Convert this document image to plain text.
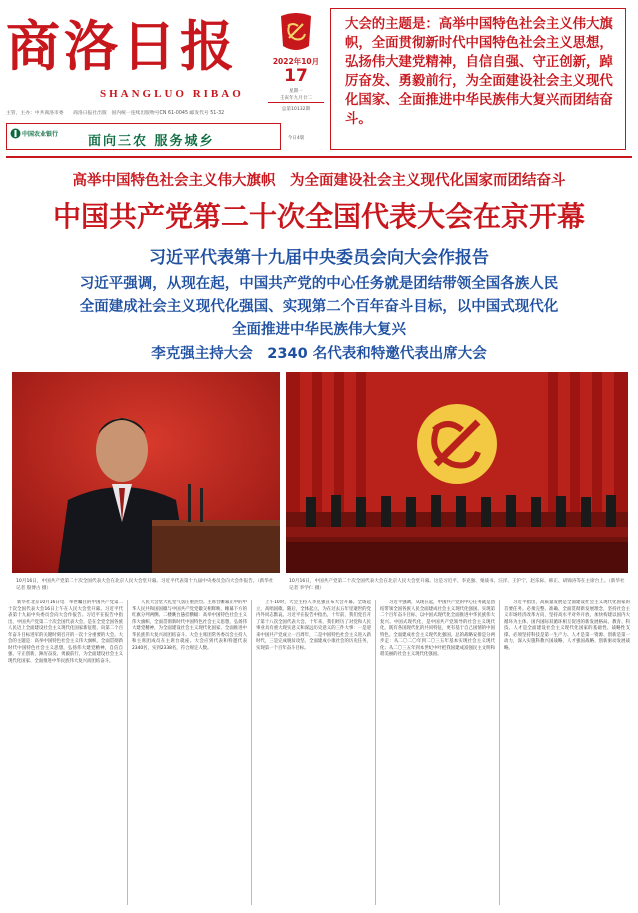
商洛日报
SHANGLUO RIBAO
主管、主办：中共商洛市委　　商洛日报社出版　国内统一连续出版物号CN 61-0045 邮发代号 51-32
中国农业银行 面向三农 服务城乡
2022年10月
17
星期一
壬寅年九月廿二
总第10132期
今日4版
大会的主题是：高举中国特色社会主义伟大旗帜，全面贯彻新时代中国特色社会主义思想，弘扬伟大建党精神，自信自强、守正创新，踔厉奋发、勇毅前行，为全面建设社会主义现代化国家、全面推进中华民族伟大复兴而团结奋斗。
高举中国特色社会主义伟大旗帜　为全面建设社会主义现代化国家而团结奋斗
中国共产党第二十次全国代表大会在京开幕
习近平代表第十九届中央委员会向大会作报告
习近平强调，从现在起，中国共产党的中心任务就是团结带领全国各族人民
全面建成社会主义现代化强国、实现第二个百年奋斗目标，以中国式现代化
全面推进中华民族伟大复兴
李克强主持大会　2340 名代表和特邀代表出席大会
10月16日，中国共产党第二十次全国代表大会在北京人民大会堂开幕。习近平代表第十九届中央委员会向大会作报告。（新华社记者 殷博古 摄）
10月16日，中国共产党第二十次全国代表大会在北京人民大会堂开幕。这是习近平、李克强、栗战书、汪洋、王沪宁、赵乐际、韩正、胡锦涛等在主席台上。（新华社记者 李学仁 摄）

新华社北京10月16日电　举世瞩目的中国共产党第二十次全国代表大会16日上午在人民大会堂开幕。习近平代表第十九届中央委员会向大会作报告。习近平在报告中指出，中国共产党第二十次全国代表大会，是在全党全国各族人民迈上全面建设社会主义现代化国家新征程、向第二个百年奋斗目标进军的关键时刻召开的一次十分重要的大会。大会的主题是：高举中国特色社会主义伟大旗帜，全面贯彻新时代中国特色社会主义思想，弘扬伟大建党精神，自信自强、守正创新，踔厉奋发、勇毅前行，为全面建设社会主义现代化国家、全面推进中华民族伟大复兴而团结奋斗。

人民大会堂大礼堂气氛庄重热烈。主席台帷幕正中的中华人民共和国国徽与中国共产党党徽交相辉映，帷幕下方的红旗分列两侧。二楼眺台悬挂横幅：高举中国特色社会主义伟大旗帜，全面贯彻新时代中国特色社会主义思想，弘扬伟大建党精神，为全面建设社会主义现代化国家、全面推进中华民族伟大复兴而团结奋斗。大会主席团常务委员会主持人和主席团成员在主席台就座。大会应到代表和特邀代表2340名，实到2338名，符合规定人数。

上午10时，大会主持人李克强宣布大会开幕。全场起立，高唱国歌。随后，全体起立，为在过去五年里逝世的党内外同志默哀。习近平在报告中指出，十年前，我们党召开了第十八次全国代表大会。十年来，我们经历了对党和人民事业具有重大现实意义和深远历史意义的三件大事：一是迎来中国共产党成立一百周年，二是中国特色社会主义进入新时代，三是完成脱贫攻坚、全面建成小康社会的历史任务，实现第一个百年奋斗目标。

习近平强调，从现在起，中国共产党的中心任务就是团结带领全国各族人民全面建成社会主义现代化强国、实现第二个百年奋斗目标，以中国式现代化全面推进中华民族伟大复兴。中国式现代化，是中国共产党领导的社会主义现代化，既有各国现代化的共同特征，更有基于自己国情的中国特色。全面建成社会主义现代化强国，总的战略安排是分两步走：从二〇二〇年到二〇三五年基本实现社会主义现代化；从二〇三五年到本世纪中叶把我国建成富强民主文明和谐美丽的社会主义现代化强国。

习近平指出，高质量发展是全面建设社会主义现代化国家的首要任务。必须完整、准确、全面贯彻新发展理念，坚持社会主义市场经济改革方向，坚持高水平对外开放，加快构建以国内大循环为主体、国内国际双循环相互促进的新发展格局。教育、科技、人才是全面建设社会主义现代化国家的基础性、战略性支撑。必须坚持科技是第一生产力、人才是第一资源、创新是第一动力，深入实施科教兴国战略、人才强国战略、创新驱动发展战略。
